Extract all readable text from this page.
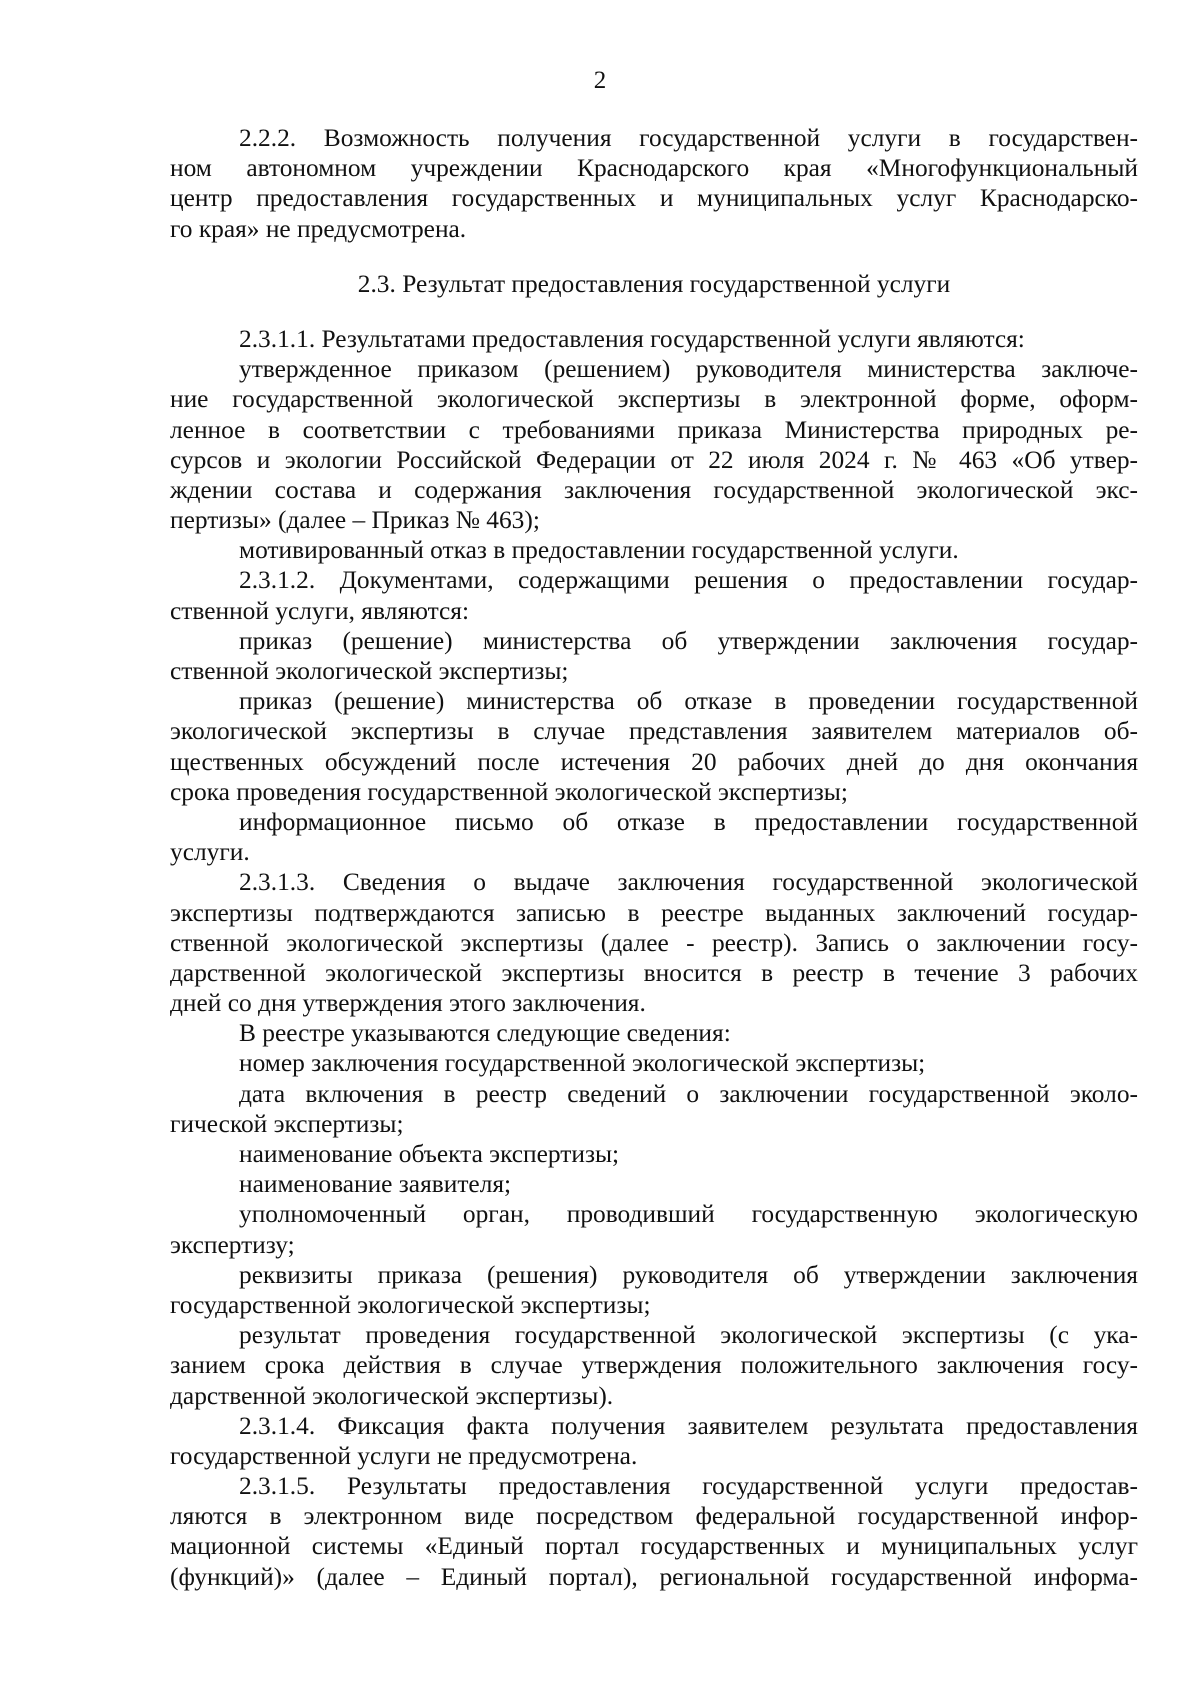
2
2.2.2. Возможность получения государственной услуги в государствен-
ном автономном учреждении Краснодарского края «Многофункциональный
центр предоставления государственных и муниципальных услуг Краснодарско-
го края» не предусмотрена.
2.3. Результат предоставления государственной услуги
2.3.1.1. Результатами предоставления государственной услуги являются:
утвержденное приказом (решением) руководителя министерства заключе-
ние государственной экологической экспертизы в электронной форме, оформ-
ленное в соответствии с требованиями приказа Министерства природных ре-
сурсов и экологии Российской Федерации от 22 июля 2024 г. № 463 «Об утвер-
ждении состава и содержания заключения государственной экологической экс-
пертизы» (далее – Приказ № 463);
мотивированный отказ в предоставлении государственной услуги.
2.3.1.2. Документами, содержащими решения о предоставлении государ-
ственной услуги, являются:
приказ (решение) министерства об утверждении заключения государ-
ственной экологической экспертизы;
приказ (решение) министерства об отказе в проведении государственной
экологической экспертизы в случае представления заявителем материалов об-
щественных обсуждений после истечения 20 рабочих дней до дня окончания
срока проведения государственной экологической экспертизы;
информационное письмо об отказе в предоставлении государственной
услуги.
2.3.1.3. Сведения о выдаче заключения государственной экологической
экспертизы подтверждаются записью в реестре выданных заключений государ-
ственной экологической экспертизы (далее - реестр). Запись о заключении госу-
дарственной экологической экспертизы вносится в реестр в течение 3 рабочих
дней со дня утверждения этого заключения.
В реестре указываются следующие сведения:
номер заключения государственной экологической экспертизы;
дата включения в реестр сведений о заключении государственной эколо-
гической экспертизы;
наименование объекта экспертизы;
наименование заявителя;
уполномоченный орган, проводивший государственную экологическую
экспертизу;
реквизиты приказа (решения) руководителя об утверждении заключения
государственной экологической экспертизы;
результат проведения государственной экологической экспертизы (с ука-
занием срока действия в случае утверждения положительного заключения госу-
дарственной экологической экспертизы).
2.3.1.4. Фиксация факта получения заявителем результата предоставления
государственной услуги не предусмотрена.
2.3.1.5. Результаты предоставления государственной услуги предостав-
ляются в электронном виде посредством федеральной государственной инфор-
мационной системы «Единый портал государственных и муниципальных услуг
(функций)» (далее – Единый портал), региональной государственной информа-
